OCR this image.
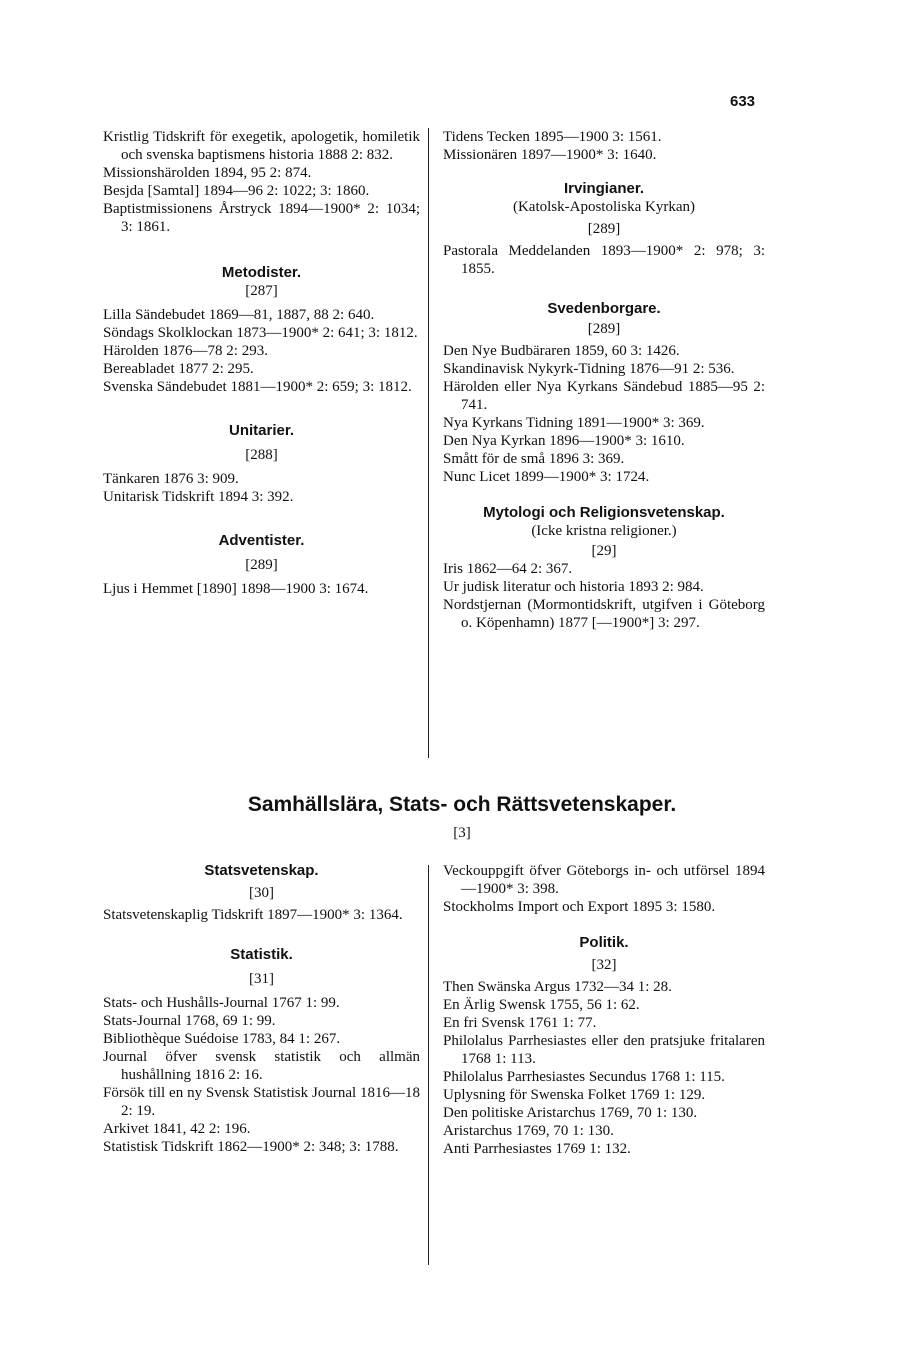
633
Kristlig Tidskrift för exegetik, apologetik, homiletik och svenska baptismens historia 1888 2: 832.
Missionshärolden 1894, 95 2: 874.
Besjda [Samtal] 1894—96 2: 1022; 3: 1860.
Baptistmissionens Årstryck 1894—1900* 2: 1034; 3: 1861.
Metodister.
[287]
Lilla Sändebudet 1869—81, 1887, 88 2: 640.
Söndags Skolklockan 1873—1900* 2: 641; 3: 1812.
Härolden 1876—78 2: 293.
Bereabladet 1877 2: 295.
Svenska Sändebudet 1881—1900* 2: 659; 3: 1812.
Unitarier.
[288]
Tänkaren 1876 3: 909.
Unitarisk Tidskrift 1894 3: 392.
Adventister.
[289]
Ljus i Hemmet [1890] 1898—1900 3: 1674.
Tidens Tecken 1895—1900 3: 1561.
Missionären 1897—1900* 3: 1640.
Irvingianer.
(Katolsk-Apostoliska Kyrkan)
[289]
Pastorala Meddelanden 1893—1900* 2: 978; 3: 1855.
Svedenborgare.
[289]
Den Nye Budbäraren 1859, 60 3: 1426.
Skandinavisk Nykyrk-Tidning 1876—91 2: 536.
Härolden eller Nya Kyrkans Sändebud 1885—95 2: 741.
Nya Kyrkans Tidning 1891—1900* 3: 369.
Den Nya Kyrkan 1896—1900* 3: 1610.
Smått för de små 1896 3: 369.
Nunc Licet 1899—1900* 3: 1724.
Mytologi och Religionsvetenskap.
(Icke kristna religioner.)
[29]
Iris 1862—64 2: 367.
Ur judisk literatur och historia 1893 2: 984.
Nordstjernan (Mormontidskrift, utgifven i Göteborg o. Köpenhamn) 1877 [—1900*] 3: 297.
Samhällslära, Stats- och Rättsvetenskaper.
[3]
Statsvetenskap.
[30]
Statsvetenskaplig Tidskrift 1897—1900* 3: 1364.
Statistik.
[31]
Stats- och Hushålls-Journal 1767 1: 99.
Stats-Journal 1768, 69 1: 99.
Bibliothèque Suédoise 1783, 84 1: 267.
Journal öfver svensk statistik och allmän hushållning 1816 2: 16.
Försök till en ny Svensk Statistisk Journal 1816—18 2: 19.
Arkivet 1841, 42 2: 196.
Statistisk Tidskrift 1862—1900* 2: 348; 3: 1788.
Veckouppgift öfver Göteborgs in- och utförsel 1894—1900* 3: 398.
Stockholms Import och Export 1895 3: 1580.
Politik.
[32]
Then Swänska Argus 1732—34 1: 28.
En Ärlig Swensk 1755, 56 1: 62.
En fri Svensk 1761 1: 77.
Philolalus Parrhesiastes eller den pratsjuke fritalaren 1768 1: 113.
Philolalus Parrhesiastes Secundus 1768 1: 115.
Uplysning för Swenska Folket 1769 1: 129.
Den politiske Aristarchus 1769, 70 1: 130.
Aristarchus 1769, 70 1: 130.
Anti Parrhesiastes 1769 1: 132.
